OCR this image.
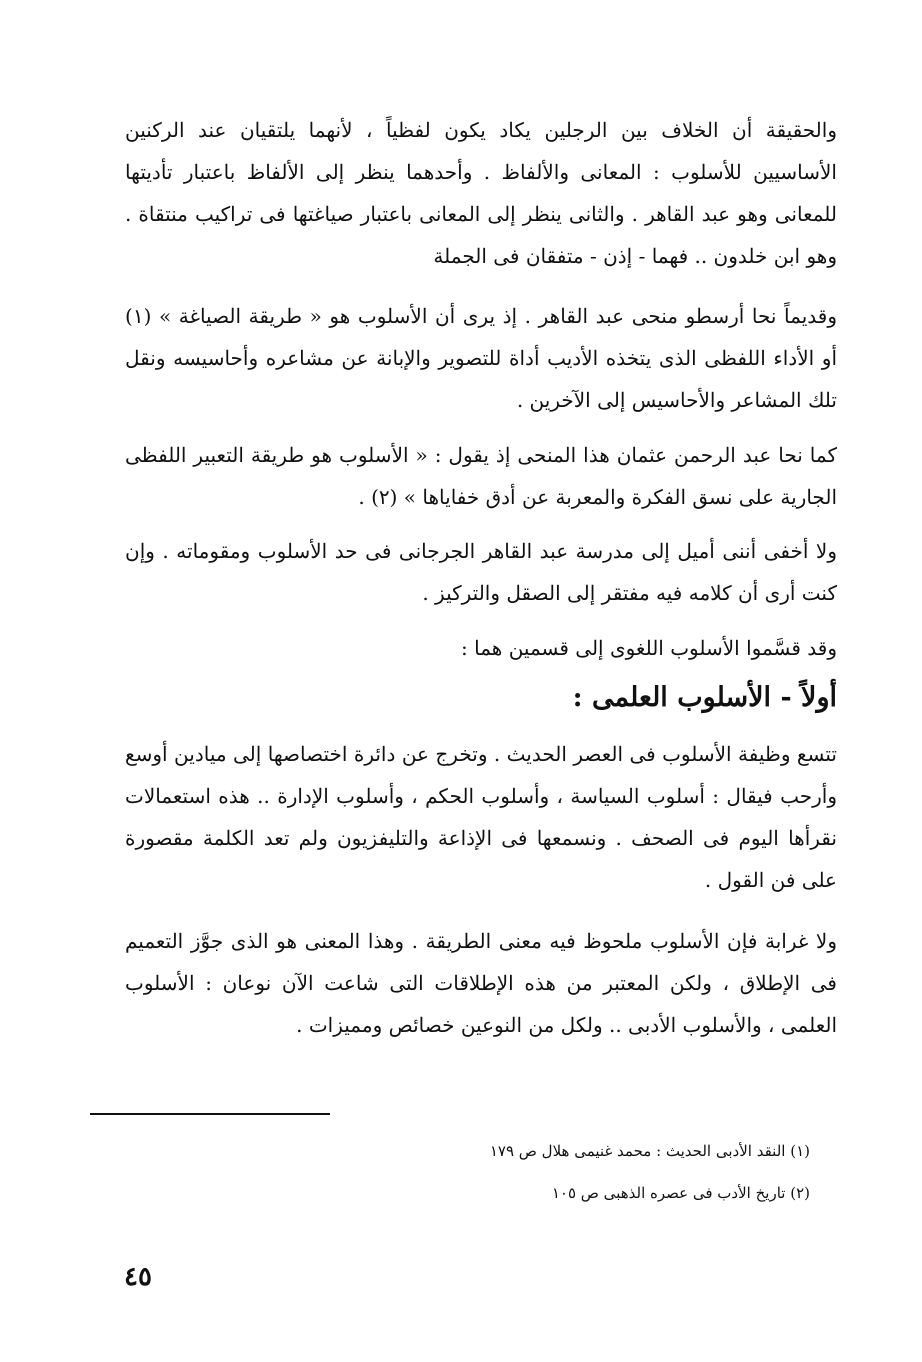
والحقيقة أن الخلاف بين الرجلين يكاد يكون لفظياً ، لأنهما يلتقيان عند الركنين الأساسيين للأسلوب : المعانى والألفاظ . وأحدهما ينظر إلى الألفاظ باعتبار تأديتها للمعانى وهو عبد القاهر . والثانى ينظر إلى المعانى باعتبار صياغتها فى تراكيب منتقاة . وهو ابن خلدون .. فهما - إذن - متفقان فى الجملة

وقديماً نحا أرسطو منحى عبد القاهر . إذ يرى أن الأسلوب هو « طريقة الصياغة » (١) أو الأداء اللفظى الذى يتخذه الأديب أداة للتصوير والإبانة عن مشاعره وأحاسيسه ونقل تلك المشاعر والأحاسيس إلى الآخرين .

كما نحا عبد الرحمن عثمان هذا المنحى إذ يقول : « الأسلوب هو طريقة التعبير اللفظى الجارية على نسق الفكرة والمعربة عن أدق خفاياها » (٢) .

ولا أخفى أننى أميل إلى مدرسة عبد القاهر الجرجانى فى حد الأسلوب ومقوماته . وإن كنت أرى أن كلامه فيه مفتقر إلى الصقل والتركيز .

وقد قسَّموا الأسلوب اللغوى إلى قسمين هما :

أولاً - الأسلوب العلمى :

تتسع وظيفة الأسلوب فى العصر الحديث . وتخرج عن دائرة اختصاصها إلى ميادين أوسع وأرحب فيقال : أسلوب السياسة ، وأسلوب الحكم ، وأسلوب الإدارة .. هذه استعمالات نقرأها اليوم فى الصحف . ونسمعها فى الإذاعة والتليفزيون ولم تعد الكلمة مقصورة على فن القول .

ولا غرابة فإن الأسلوب ملحوظ فيه معنى الطريقة . وهذا المعنى هو الذى جوَّز التعميم فى الإطلاق ، ولكن المعتبر من هذه الإطلاقات التى شاعت الآن نوعان : الأسلوب العلمى ، والأسلوب الأدبى .. ولكل من النوعين خصائص ومميزات .

(١) النقد الأدبى الحديث : محمد غنيمى هلال ص ١٧٩
(٢) تاريخ الأدب فى عصره الذهبى ص ١٠٥
٤٥
